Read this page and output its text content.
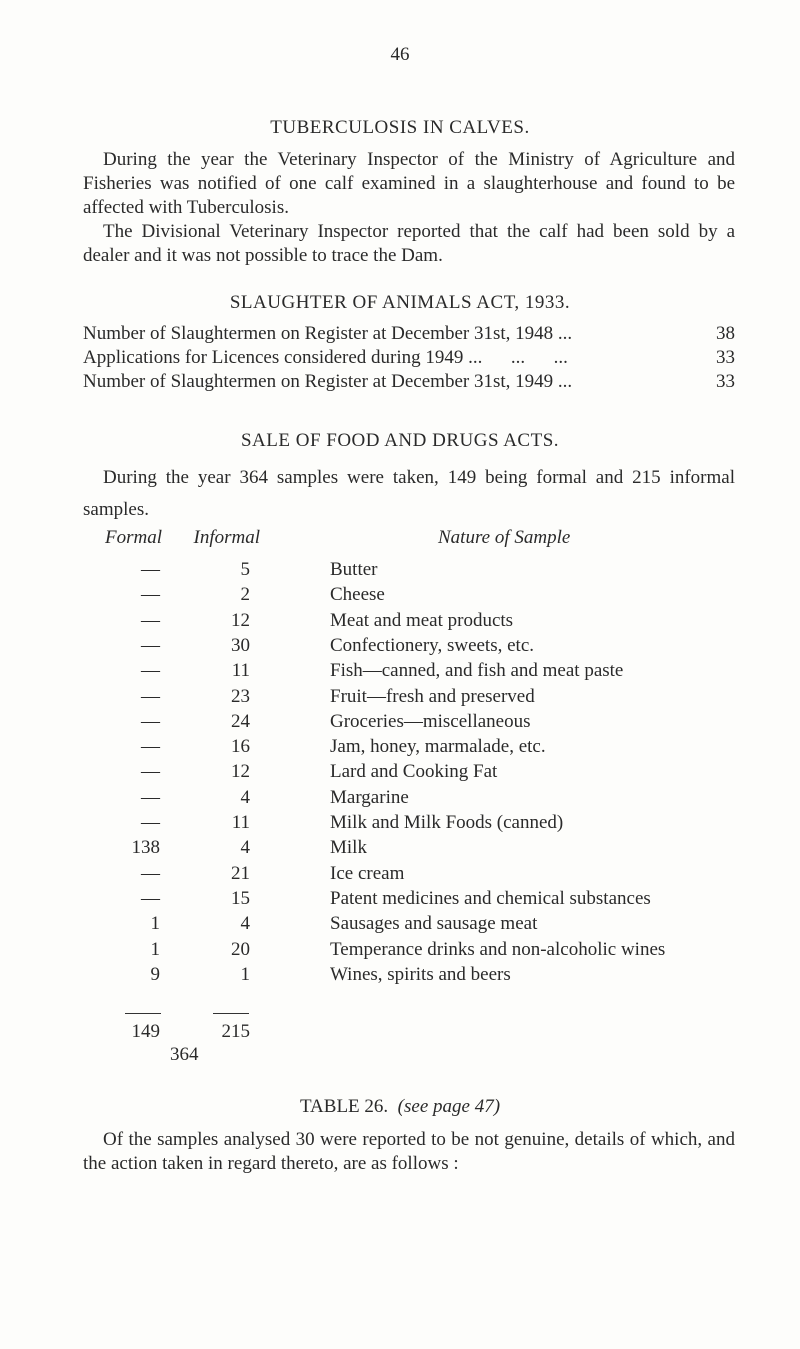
46
TUBERCULOSIS IN CALVES.
During the year the Veterinary Inspector of the Ministry of Agriculture and Fisheries was notified of one calf examined in a slaughterhouse and found to be affected with Tuberculosis.
The Divisional Veterinary Inspector reported that the calf had been sold by a dealer and it was not possible to trace the Dam.
SLAUGHTER OF ANIMALS ACT, 1933.
Number of Slaughtermen on Register at December 31st, 1948 ...	38
Applications for Licences considered during 1949 ...      ...      ...	33
Number of Slaughtermen on Register at December 31st, 1949 ...	33
SALE OF FOOD AND DRUGS ACTS.
During the year 364 samples were taken, 149 being formal and 215 informal samples.
Formal Informal	Nature of Sample
—	5	Butter
—	2	Cheese
—	12	Meat and meat products
—	30	Confectionery, sweets, etc.
—	11	Fish—canned, and fish and meat paste
—	23	Fruit—fresh and preserved
—	24	Groceries—miscellaneous
—	16	Jam, honey, marmalade, etc.
—	12	Lard and Cooking Fat
—	4	Margarine
—	11	Milk and Milk Foods (canned)
138	4	Milk
—	21	Ice cream
—	15	Patent medicines and chemical substances
1	4	Sausages and sausage meat
1	20	Temperance drinks and non-alcoholic wines
9	1	Wines, spirits and beers
149	215
364
TABLE 26. (see page 47)
Of the samples analysed 30 were reported to be not genuine, details of which, and the action taken in regard thereto, are as follows :
